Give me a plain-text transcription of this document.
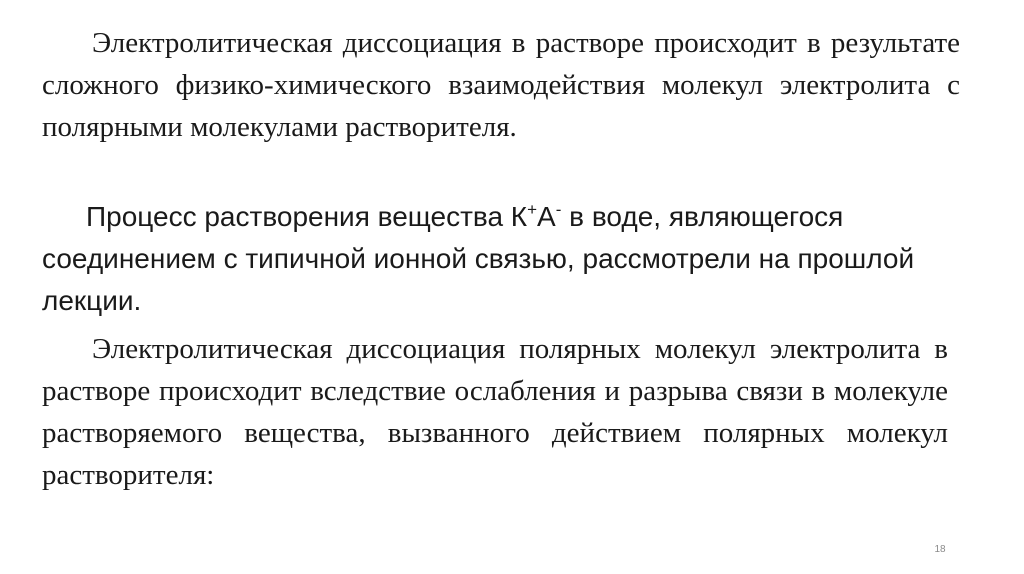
Электролитическая диссоциация в растворе происходит в результате сложного физико-химического взаимодействия молекул электролита с полярными молекулами растворителя.

Процесс растворения вещества К+А- в воде, являющегося соединением с типичной ионной связью, рассмотрели на прошлой лекции.

Электролитическая диссоциация полярных молекул электролита в растворе происходит вследствие ослабления и разрыва связи в молекуле растворяемого вещества, вызванного действием полярных молекул растворителя:

18
